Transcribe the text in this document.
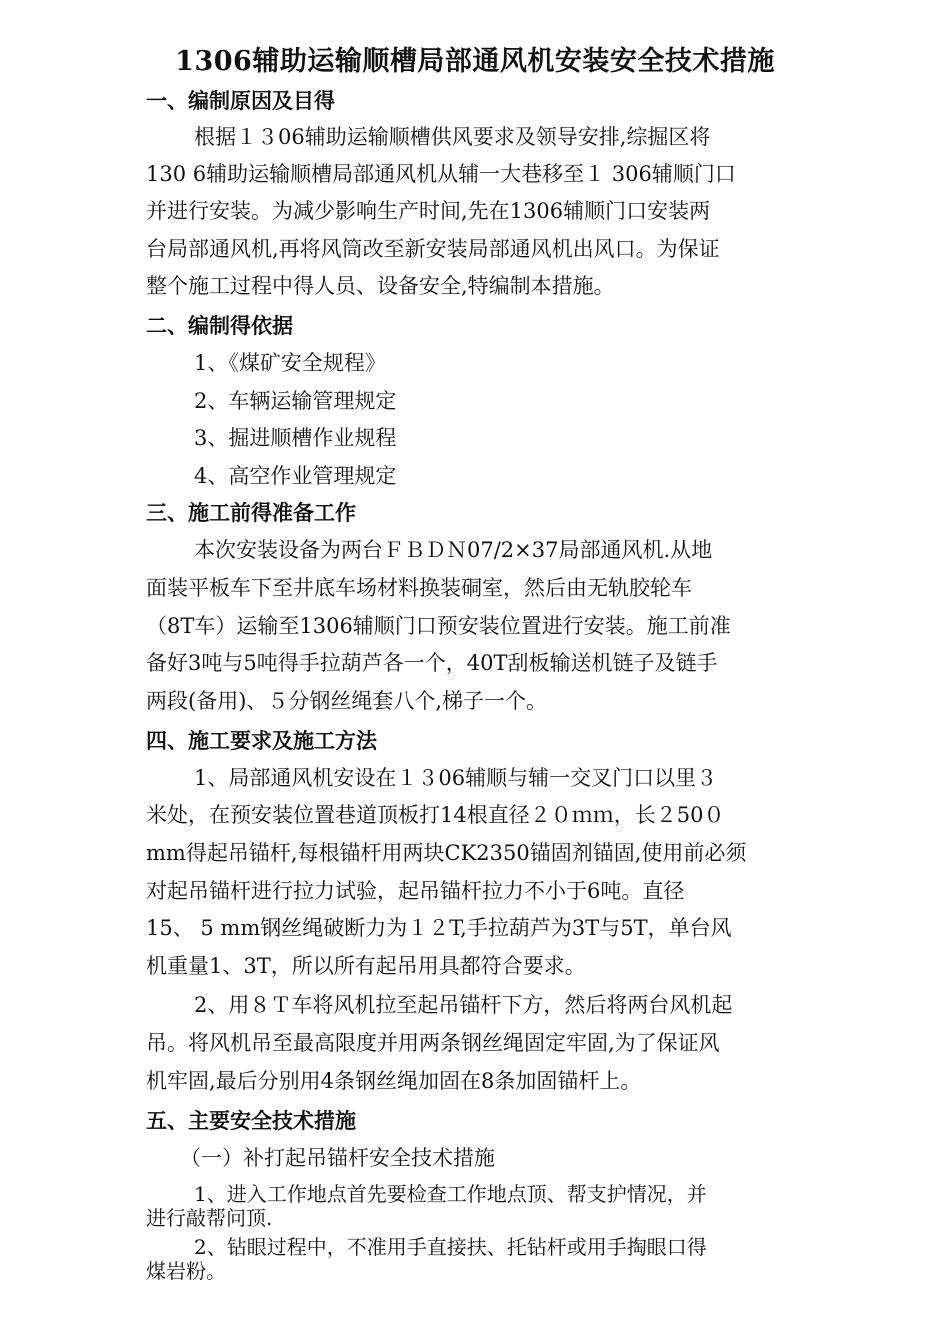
1306辅助运输顺槽局部通风机安装安全技术措施
一、编制原因及目得
根据１３06辅助运输顺槽供风要求及领导安排,综掘区将
130 6辅助运输顺槽局部通风机从辅一大巷移至１ 306辅顺门口
并进行安装。为减少影响生产时间,先在1306辅顺门口安装两
台局部通风机,再将风筒改至新安装局部通风机出风口。为保证
整个施工过程中得人员、设备安全,特编制本措施。
二、编制得依据
1、《煤矿安全规程》
2、车辆运输管理规定
3、掘进顺槽作业规程
4、高空作业管理规定
三、施工前得准备工作
本次安装设备为两台ＦＢＤＮ07/2×37局部通风机.从地
面装平板车下至井底车场材料换装硐室，然后由无轨胶轮车
（8T车）运输至1306辅顺门口预安装位置进行安装。施工前准
备好3吨与5吨得手拉葫芦各一个，40T刮板输送机链子及链手
两段(备用)、５分钢丝绳套八个,梯子一个。
四、施工要求及施工方法
1、局部通风机安设在１３06辅顺与辅一交叉门口以里３
米处，在预安装位置巷道顶板打14根直径２０ｍｍ，长２50０
mm得起吊锚杆,每根锚杆用两块CK2350锚固剂锚固,使用前必须
对起吊锚杆进行拉力试验，起吊锚杆拉力不小于6吨。直径
15、 5 mm钢丝绳破断力为１２T,手拉葫芦为3T与5T，单台风
机重量1、3T，所以所有起吊用具都符合要求。
2、用８Ｔ车将风机拉至起吊锚杆下方，然后将两台风机起
吊。将风机吊至最高限度并用两条钢丝绳固定牢固,为了保证风
机牢固,最后分别用4条钢丝绳加固在8条加固锚杆上。
五、主要安全技术措施
（一）补打起吊锚杆安全技术措施
1、进入工作地点首先要检查工作地点顶、帮支护情况，并
进行敲帮问顶.
2、钻眼过程中，不准用手直接扶、托钻杆或用手掏眼口得
煤岩粉。
